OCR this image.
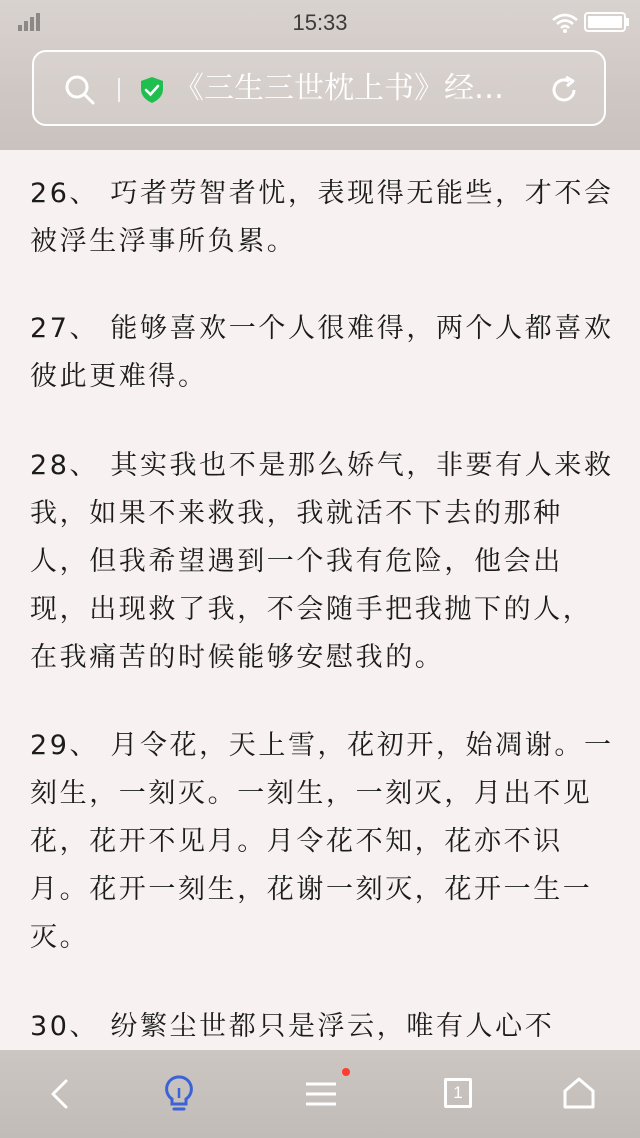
15:33
《三生三世枕上书》经…

26、 巧者劳智者忧，表现得无能些，才不会被浮生浮事所负累。

27、 能够喜欢一个人很难得，两个人都喜欢彼此更难得。

28、 其实我也不是那么娇气，非要有人来救我，如果不来救我，我就活不下去的那种人，但我希望遇到一个我有危险，他会出现，出现救了我，不会随手把我抛下的人，在我痛苦的时候能够安慰我的。

29、 月令花，天上雪，花初开，始凋谢。一刻生，一刻灭。一刻生，一刻灭，月出不见花，花开不见月。月令花不知，花亦不识月。花开一刻生，花谢一刻灭，花开一生一灭。

30、 纷繁尘世都只是浮云，唯有人心不

1
